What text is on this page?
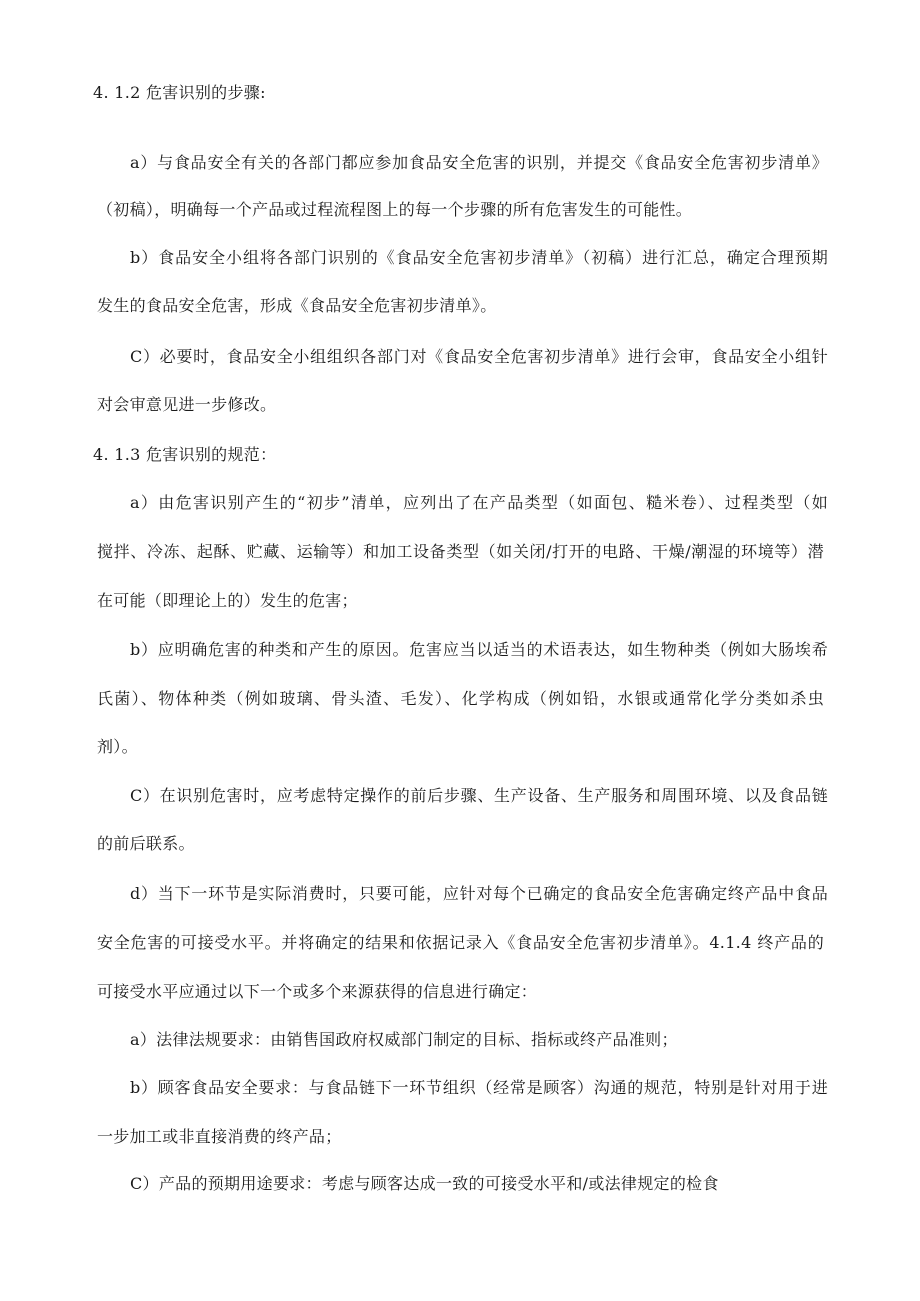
4. 1.2 危害识别的步骤:
a）与食品安全有关的各部门都应参加食品安全危害的识别，并提交《食品安全危害初步清单》
（初稿），明确每一个产品或过程流程图上的每一个步骤的所有危害发生的可能性。
b）食品安全小组将各部门识别的《食品安全危害初步清单》（初稿）进行汇总，确定合理预期
发生的食品安全危害，形成《食品安全危害初步清单》。
C）必要时，食品安全小组组织各部门对《食品安全危害初步清单》进行会审，食品安全小组针
对会审意见进一步修改。
4. 1.3 危害识别的规范：
a）由危害识别产生的“初步”清单，应列出了在产品类型（如面包、糙米卷）、过程类型（如
搅拌、冷冻、起酥、贮藏、运输等）和加工设备类型（如关闭/打开的电路、干燥/潮湿的环境等）潜
在可能（即理论上的）发生的危害；
b）应明确危害的种类和产生的原因。危害应当以适当的术语表达，如生物种类（例如大肠埃希
氏菌）、物体种类（例如玻璃、骨头渣、毛发）、化学构成（例如铅，水银或通常化学分类如杀虫
剂）。
C）在识别危害时，应考虑特定操作的前后步骤、生产设备、生产服务和周围环境、以及食品链
的前后联系。
d）当下一环节是实际消费时，只要可能，应针对每个已确定的食品安全危害确定终产品中食品
安全危害的可接受水平。并将确定的结果和依据记录入《食品安全危害初步清单》。4.1.4 终产品的
可接受水平应通过以下一个或多个来源获得的信息进行确定：
a）法律法规要求：由销售国政府权威部门制定的目标、指标或终产品准则；
b）顾客食品安全要求：与食品链下一环节组织（经常是顾客）沟通的规范，特别是针对用于进
一步加工或非直接消费的终产品；
C）产品的预期用途要求：考虑与顾客达成一致的可接受水平和/或法律规定的检食
